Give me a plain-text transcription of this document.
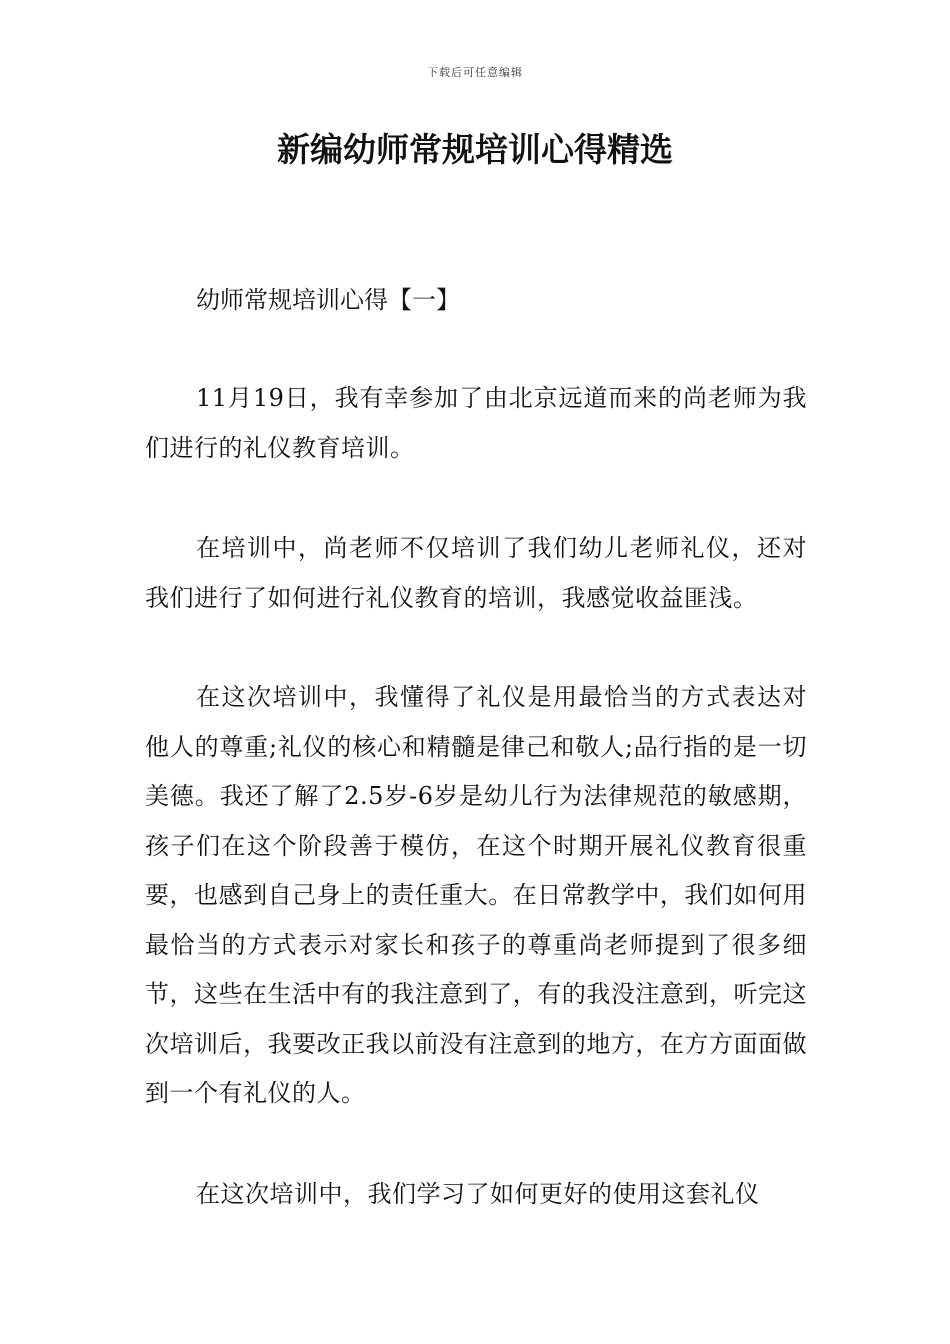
下载后可任意编辑
新编幼师常规培训心得精选
幼师常规培训心得【一】

11月19日，我有幸参加了由北京远道而来的尚老师为我们进行的礼仪教育培训。

在培训中，尚老师不仅培训了我们幼儿老师礼仪，还对我们进行了如何进行礼仪教育的培训，我感觉收益匪浅。

在这次培训中，我懂得了礼仪是用最恰当的方式表达对他人的尊重;礼仪的核心和精髓是律己和敬人;品行指的是一切美德。我还了解了2.5岁-6岁是幼儿行为法律规范的敏感期，孩子们在这个阶段善于模仿，在这个时期开展礼仪教育很重要，也感到自己身上的责任重大。在日常教学中，我们如何用最恰当的方式表示对家长和孩子的尊重尚老师提到了很多细节，这些在生活中有的我注意到了，有的我没注意到，听完这次培训后，我要改正我以前没有注意到的地方，在方方面面做到一个有礼仪的人。

在这次培训中，我们学习了如何更好的使用这套礼仪
